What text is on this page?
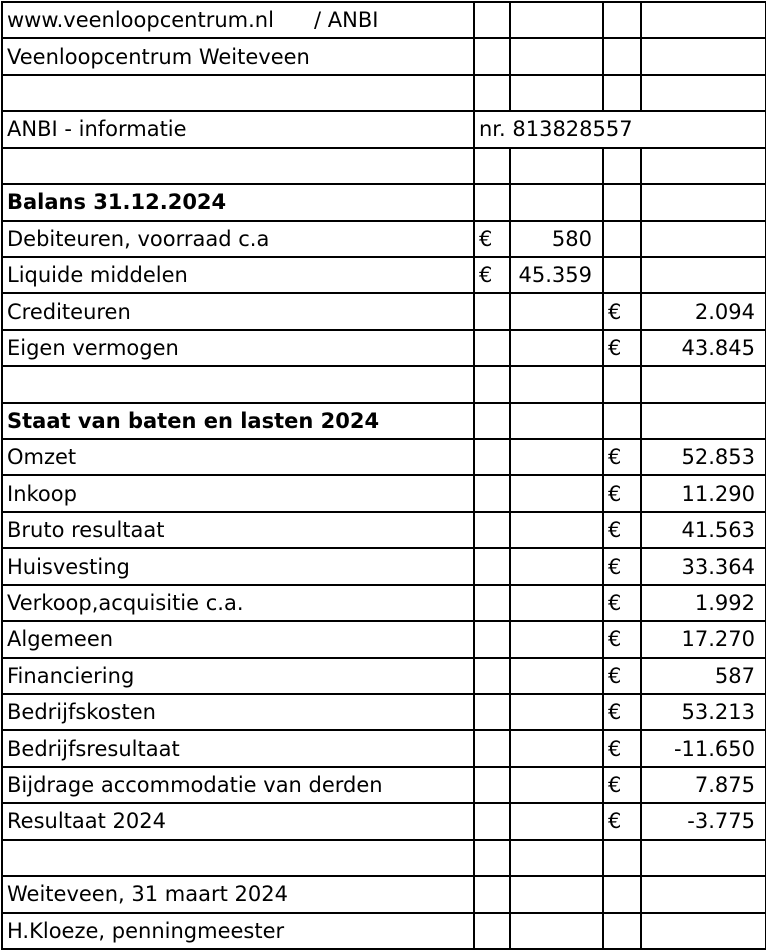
www.veenloopcentrum.nl / ANBI				
Veenloopcentrum Weiteveen				

ANBI - informatie	nr. 813828557			

Balans 31.12.2024				
Debiteuren, voorraad c.a	€	580		
Liquide middelen	€	45.359		
Crediteuren			€	2.094
Eigen vermogen			€	43.845

Staat van baten en lasten 2024				
Omzet			€	52.853
Inkoop			€	11.290
Bruto resultaat			€	41.563
Huisvesting			€	33.364
Verkoop,acquisitie c.a.			€	1.992
Algemeen			€	17.270
Financiering			€	587
Bedrijfskosten			€	53.213
Bedrijfsresultaat			€	-11.650
Bijdrage accommodatie van derden			€	7.875
Resultaat 2024			€	-3.775

Weiteveen, 31 maart 2024				
H.Kloeze, penningmeester				
